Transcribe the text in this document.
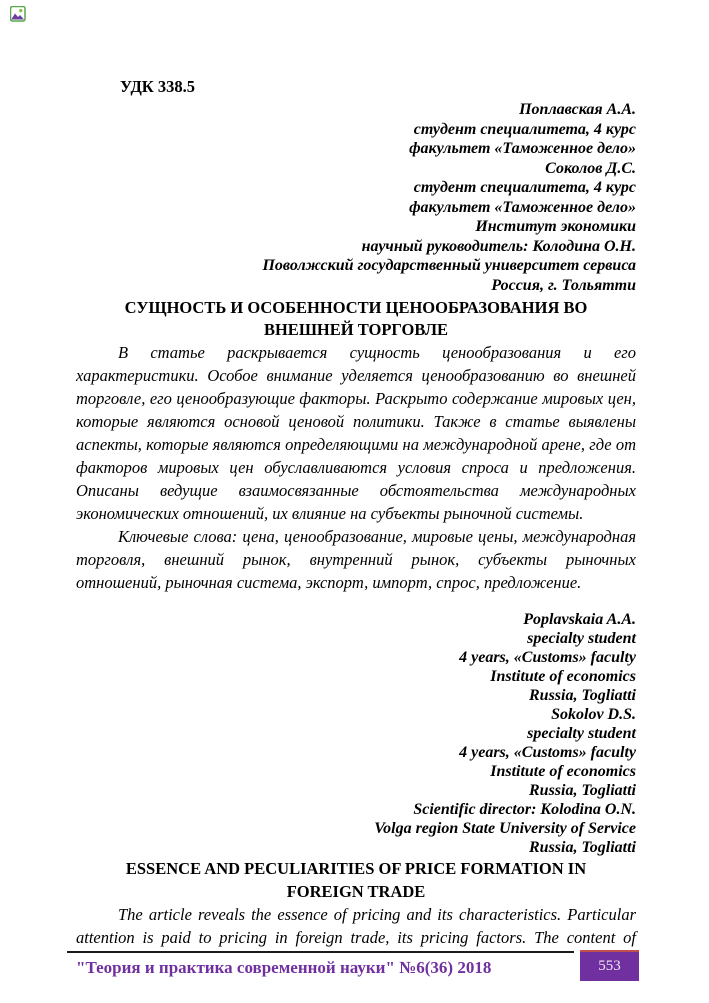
УДК 338.5
Поплавская А.А.
студент специалитета, 4 курс
факультет «Таможенное дело»
Соколов Д.С.
студент специалитета, 4 курс
факультет «Таможенное дело»
Институт экономики
научный руководитель: Колодина О.Н.
Поволжский государственный университет сервиса
Россия, г. Тольятти
СУЩНОСТЬ И ОСОБЕННОСТИ ЦЕНООБРАЗОВАНИЯ ВО ВНЕШНЕЙ ТОРГОВЛЕ

В статье раскрывается сущность ценообразования и его характеристики. Особое внимание уделяется ценообразованию во внешней торговле, его ценообразующие факторы. Раскрыто содержание мировых цен, которые являются основой ценовой политики. Также в статье выявлены аспекты, которые являются определяющими на международной арене, где от факторов мировых цен обуславливаются условия спроса и предложения. Описаны ведущие взаимосвязанные обстоятельства международных экономических отношений, их влияние на субъекты рыночной системы.

Ключевые слова: цена, ценообразование, мировые цены, международная торговля, внешний рынок, внутренний рынок, субъекты рыночных отношений, рыночная система, экспорт, импорт, спрос, предложение.

Poplavskaia A.A.
specialty student
4 years, «Customs» faculty
Institute of economics
Russia, Togliatti
Sokolov D.S.
specialty student
4 years, «Customs» faculty
Institute of economics
Russia, Togliatti
Scientific director: Kolodina O.N.
Volga region State University of Service
Russia, Togliatti
ESSENCE AND PECULIARITIES OF PRICE FORMATION IN FOREIGN TRADE

The article reveals the essence of pricing and its characteristics. Particular attention is paid to pricing in foreign trade, its pricing factors. The content of

"Теория и практика современной науки" №6(36) 2018	553
